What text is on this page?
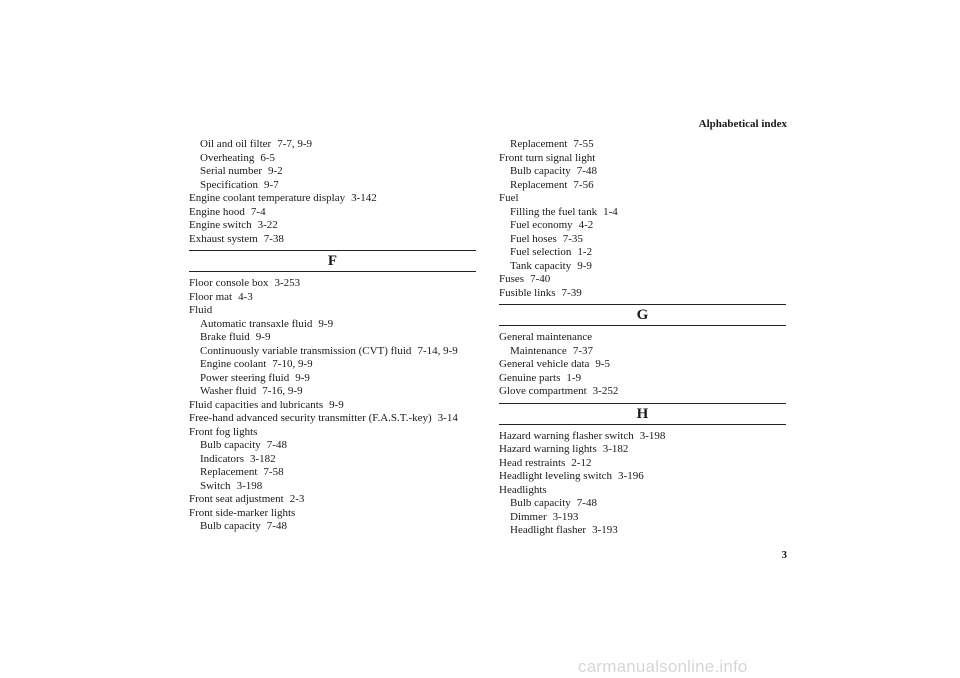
Alphabetical index
Oil and oil filter 7-7, 9-9
Overheating 6-5
Serial number 9-2
Specification 9-7
Engine coolant temperature display 3-142
Engine hood 7-4
Engine switch 3-22
Exhaust system 7-38
F
Floor console box 3-253
Floor mat 4-3
Fluid
Automatic transaxle fluid 9-9
Brake fluid 9-9
Continuously variable transmission (CVT) fluid 7-14, 9-9
Engine coolant 7-10, 9-9
Power steering fluid 9-9
Washer fluid 7-16, 9-9
Fluid capacities and lubricants 9-9
Free-hand advanced security transmitter (F.A.S.T.-key) 3-14
Front fog lights
Bulb capacity 7-48
Indicators 3-182
Replacement 7-58
Switch 3-198
Front seat adjustment 2-3
Front side-marker lights
Bulb capacity 7-48
Replacement 7-55
Front turn signal light
Bulb capacity 7-48
Replacement 7-56
Fuel
Filling the fuel tank 1-4
Fuel economy 4-2
Fuel hoses 7-35
Fuel selection 1-2
Tank capacity 9-9
Fuses 7-40
Fusible links 7-39
G
General maintenance
Maintenance 7-37
General vehicle data 9-5
Genuine parts 1-9
Glove compartment 3-252
H
Hazard warning flasher switch 3-198
Hazard warning lights 3-182
Head restraints 2-12
Headlight leveling switch 3-196
Headlights
Bulb capacity 7-48
Dimmer 3-193
Headlight flasher 3-193
3
carmanualsonline.info
